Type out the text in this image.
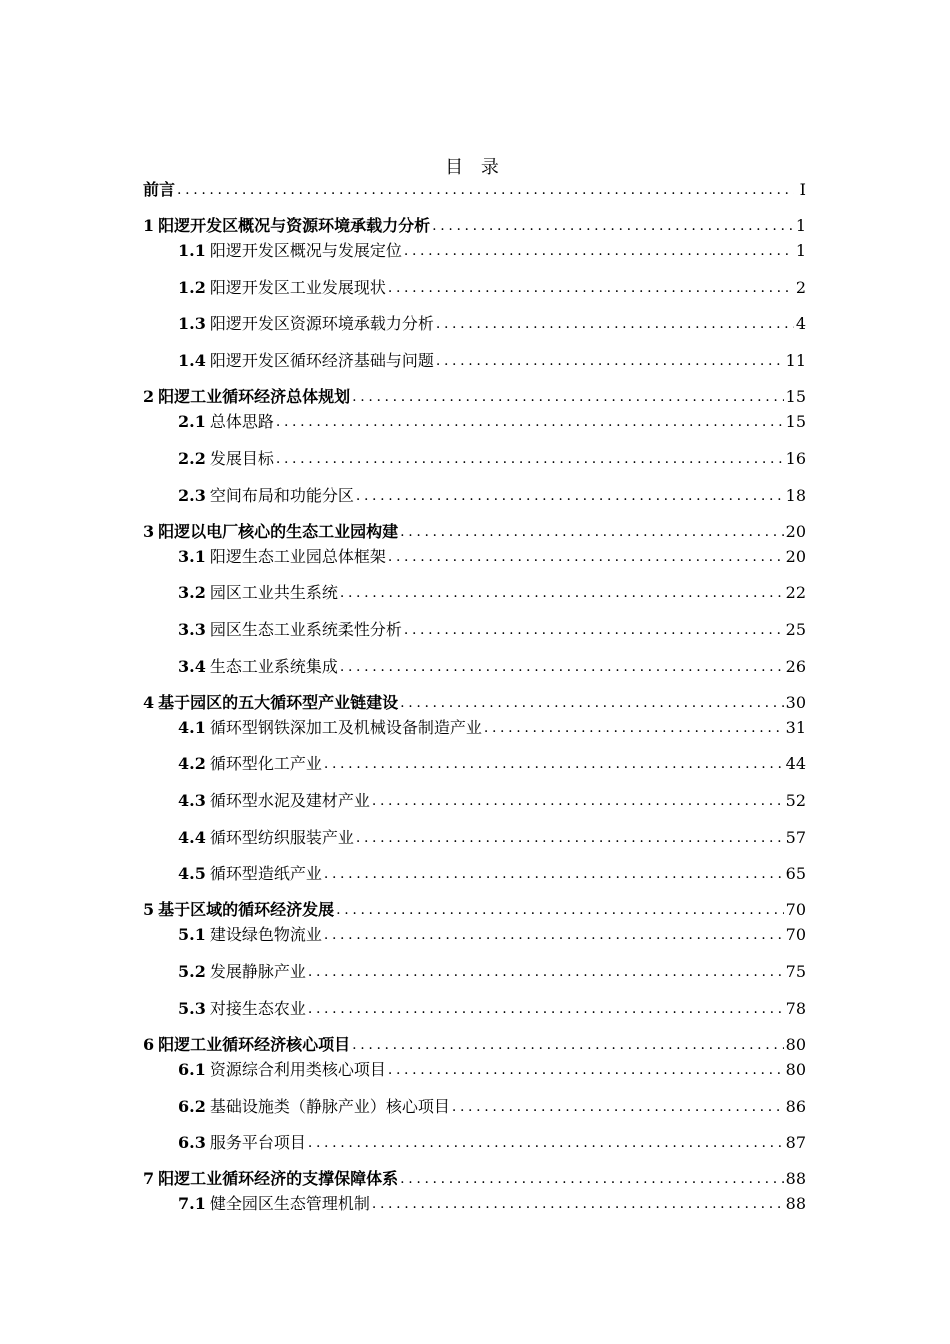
目 录
前言 . . .	I
1 阳逻开发区概况与资源环境承载力分析 . . .	1
1.1 阳逻开发区概况与发展定位 . . .	1
1.2 阳逻开发区工业发展现状 . . .	2
1.3 阳逻开发区资源环境承载力分析 . . .	4
1.4 阳逻开发区循环经济基础与问题 . . .	11
2 阳逻工业循环经济总体规划 . . .	15
2.1 总体思路 . . .	15
2.2 发展目标 . . .	16
2.3 空间布局和功能分区 . . .	18
3 阳逻以电厂核心的生态工业园构建 . . .	20
3.1 阳逻生态工业园总体框架 . . .	20
3.2 园区工业共生系统 . . .	22
3.3 园区生态工业系统柔性分析 . . .	25
3.4 生态工业系统集成 . . .	26
4 基于园区的五大循环型产业链建设 . . .	30
4.1 循环型钢铁深加工及机械设备制造产业 . . .	31
4.2 循环型化工产业 . . .	44
4.3 循环型水泥及建材产业 . . .	52
4.4 循环型纺织服装产业 . . .	57
4.5 循环型造纸产业 . . .	65
5 基于区域的循环经济发展 . . .	70
5.1 建设绿色物流业 . . .	70
5.2 发展静脉产业 . . .	75
5.3 对接生态农业 . . .	78
6 阳逻工业循环经济核心项目 . . .	80
6.1 资源综合利用类核心项目 . . .	80
6.2 基础设施类（静脉产业）核心项目 . . .	86
6.3 服务平台项目 . . .	87
7 阳逻工业循环经济的支撑保障体系 . . .	88
7.1 健全园区生态管理机制 . . .	88
